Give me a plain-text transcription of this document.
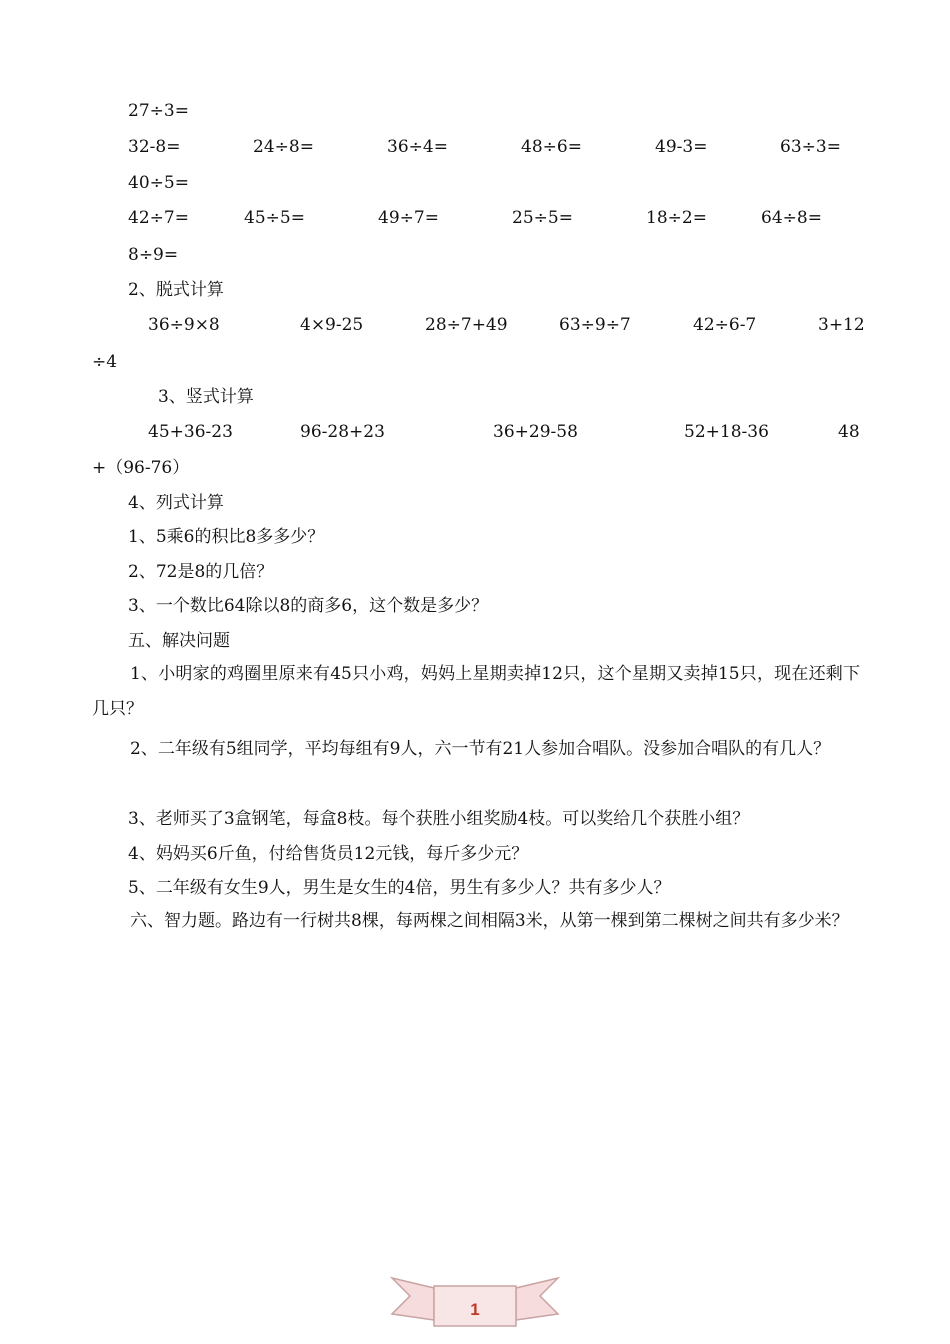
27÷3=
32-8=	24÷8=	36÷4=	48÷6=	49-3=	63÷3=
40÷5=
42÷7=	45÷5=	49÷7=	25÷5=	18÷2=	64÷8=
8÷9=
2、脱式计算
36÷9×8	4×9-25	28÷7+49	63÷9÷7	42÷6-7	3+12
÷4
3、竖式计算
45+36-23	96-28+23	36+29-58	52+18-36	48
+（96-76）
4、列式计算
1、5乘6的积比8多多少？
2、72是8的几倍？
3、一个数比64除以8的商多6，这个数是多少？
五、解决问题
1、小明家的鸡圈里原来有45只小鸡，妈妈上星期卖掉12只，这个星期又卖掉15只，现在还剩下几只？
2、二年级有5组同学，平均每组有9人，六一节有21人参加合唱队。没参加合唱队的有几人？
3、老师买了3盒钢笔，每盒8枝。每个获胜小组奖励4枝。可以奖给几个获胜小组？
4、妈妈买6斤鱼，付给售货员12元钱，每斤多少元？
5、二年级有女生9人，男生是女生的4倍，男生有多少人？共有多少人？
六、智力题。路边有一行树共8棵，每两棵之间相隔3米，从第一棵到第二棵树之间共有多少米？
1
